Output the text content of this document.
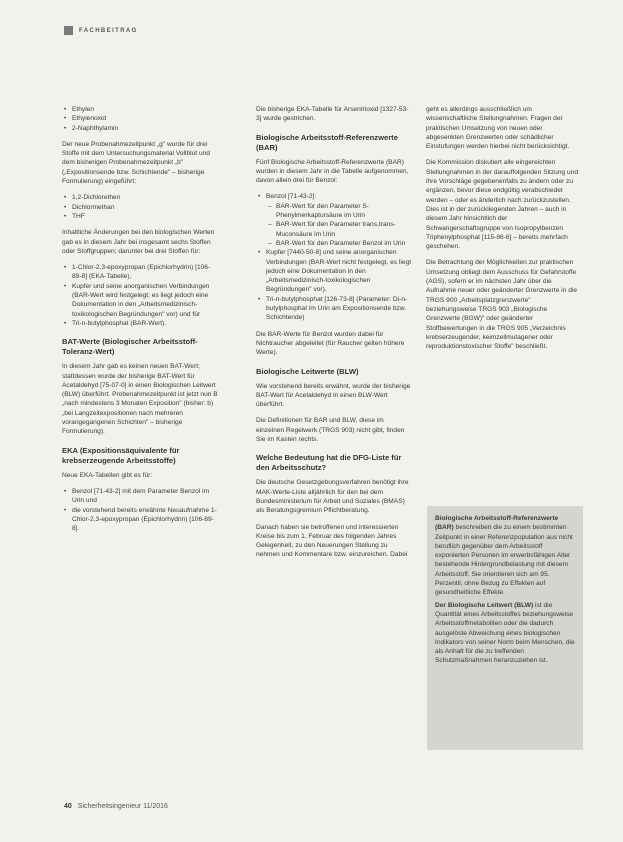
FACHBEITRAG
• Ethylen
• Ethylenoxid
• 2-Naphthylamin

Der neue Probenahmezeitpunkt „g" wurde für drei Stoffe mit dem Untersuchungsmaterial Vollblut und dem bisherigen Probenahmezeitpunkt „b" („Expositionsende bzw. Schichtende" – bisherige Formulierung) eingeführt:

• 1,2-Dichlorethen
• Dichlormethan
• THF

Inhaltliche Änderungen bei den biologischen Werten gab es in diesem Jahr bei insgesamt sechs Stoffen oder Stoffgruppen; darunter bei drei Stoffen für:

• 1-Chlor-2,3-epoxypropan (Epichlorhydrin) [106-89-8] (EKA-Tabelle),
• Kupfer und seine anorganischen Verbindungen (BAR-Wert wird festgelegt; es liegt jedoch eine Dokumentation in den „Arbeitsmedizinisch-toxikologischen Begründungen" vor) und für
• Tri-n-butylphosphat (BAR-Wert).
BAT-Werte (Biologischer Arbeitsstoff-Toleranz-Wert)

In diesem Jahr gab es keinen neuen BAT-Wert; stattdessen wurde der bisherige BAT-Wert für Acetaldehyd [75-07-0] in einen Biologischen Leitwert (BLW) überführt. Probenahmezeitpunkt ist jetzt nun B „nach mindestens 3 Monaten Exposition" (bisher: b) „bei Langzeitexpositionen nach mehreren vorangegangenen Schichten" – bisherige Formulierung).

EKA (Expositionsäquivalente für krebserzeugende Arbeitsstoffe)

Neue EKA-Tabellen gibt es für:

• Benzol [71-43-2] mit dem Parameter Benzol im Urin und
• die vorstehend bereits erwähnte Neuaufnahme 1-Chlor-2,3-epoxypropan (Epichlorhydrin) [106-89-8].

Die bisherige EKA-Tabelle für Arsentrioxid [1327-53-3] wurde gestrichen.

Biologische Arbeitsstoff-Referenzwerte (BAR)

Fünf Biologische Arbeitsstoff-Referenzwerte (BAR) wurden in diesem Jahr in die Tabelle aufgenommen, davon allein drei für Benzol:

• Benzol [71-43-2]:
– BAR-Wert für den Parameter S-Phenylmerkaptursäure im Urin
– BAR-Wert für den Parameter trans,trans-Muconsäure im Urin
– BAR-Wert für den Parameter Benzol im Urin
• Kupfer [7440-50-8] und seine anorganischen Verbindungen (BAR-Wert nicht festgelegt, es liegt jedoch eine Dokumentation in den „Arbeitsmedizinisch-toxikologischen Begründungen" vor).
• Tri-n-butylphosphat [126-73-8] (Parameter: Di-n-butylphosphat im Urin am Expositionsende bzw. Schichtende)

Die BAR-Werte für Benzol wurden dabei für Nichtraucher abgeleitet (für Raucher gelten höhere Werte).

Biologische Leitwerte (BLW)

Wie vorstehend bereits erwähnt, wurde der bisherige BAT-Wert für Acetaldehyd in einen BLW-Wert überführt.

Die Definitionen für BAR und BLW, diese im einzelnen Regelwerk (TRGS 903) nicht gibt, finden Sie im Kasten rechts.

Welche Bedeutung hat die DFG-Liste für den Arbeitsschutz?

Die deutsche Gesetzgebungsverfahren benötigt ihre MAK-Werte-Liste alljährlich für den bei dem Bundesministerium für Arbeit und Soziales (BMAS) als Beratungsgremium Pflichtberatung.

Danach haben sie betroffenen und interessierten Kreise bis zum 1. Februar des folgenden Jahres Gelegenheit, zu den Neuerungen Stellung zu nehmen und Kommentare bzw. einzureichen. Dabei

geht es allerdings ausschließlich um wissenschaftliche Stellungnahmen. Fragen der praktischen Umsetzung von neuen oder abgesenkten Grenzwerten oder schädlicher Einstufungen werden hierbei nicht berücksichtigt.

Die Kommission diskutiert alle eingereichten Stellungnahmen in der darauffolgenden Sitzung und ihre Vorschläge gegebenenfalls zu ändern oder zu ergänzen, bevor diese endgültig verabschiedet werden – oder es änderlich nach zurückzustellen. Dies ist in der zurückliegenden Jahren – auch in diesem Jahr hinsichtlich der Schwangerschaftsgruppe von Isopropylbenzen Triphenylphosphat [115-86-6] – bereits mehrfach geschehen.

Die Betrachtung der Möglichkeiten zur praktischen Umsetzung obliegt dem Ausschuss für Gefahrstoffe (AGS), sofern er im nächsten Jahr über die Aufnahme neuer oder geänderter Grenzwerte in die TRGS 900 „Arbeitsplatzgrenzwerte" beziehungsweise TRGS 903 „Biologische Grenzwerte (BGW)" oder geänderter Stoffbewertungen in die TRGS 905 „Verzeichnis krebserzeugender, keimzellmutagener oder reproduktionstoxischer Stoffe" beschließt.

Biologische Arbeitsstoff-Referenzwerte (BAR) beschreiben die zu einem bestimmten Zeitpunkt in einer Referenzpopulation aus nicht beruflich gegenüber dem Arbeitsstoff exponierten Personen im erwerbsfähigen Alter bestehende Hintergrundbelastung mit diesem Arbeitsstoff. Sie orientieren sich am 95. Perzentil, ohne Bezug zu Effekten auf gesundheitliche Effekte.

Der Biologische Leitwert (BLW) ist die Quantität eines Arbeitsstoffes beziehungsweise Arbeitsstoffmetaboliten oder die dadurch ausgelöste Abweichung eines biologischen Indikators von seiner Norm beim Menschen, die als Anhalt für die zu treffenden Schutzmaßnahmen heranzuziehen ist.

40 Sicherheitsingenieur 11/2016
